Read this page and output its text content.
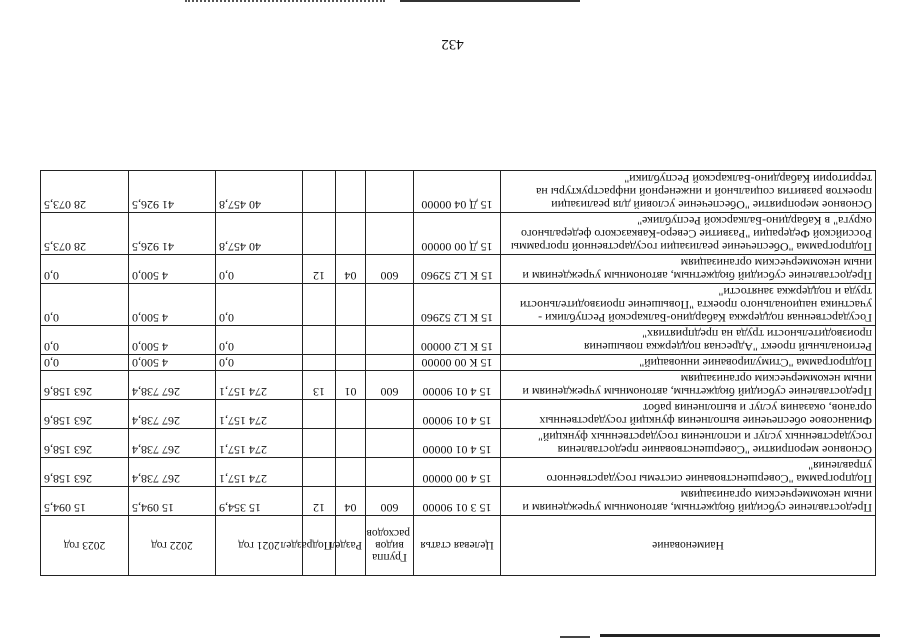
Наименование	Целевая статья	Группа видов расходов	Раздел	Подраздел	2021 год	2022 год	2023 год
Предоставление субсидий бюджетным, автономным учреждениям и иным некоммерческим организациям	15 3 01 90000	600	04	12	15 354,9	15 094,5	15 094,5
Подпрограмма "Совершенствование системы государственного управления"	15 4 00 00000				274 157,1	267 738,4	263 158,6
Основное мероприятие "Совершенствование предоставления государственных услуг и исполнения государственных функций"	15 4 01 00000				274 157,1	267 738,4	263 158,6
Финансовое обеспечение выполнения функций государственных органов, оказания услуг и выполнения работ	15 4 01 90000				274 157,1	267 738,4	263 158,6
Предоставление субсидий бюджетным, автономным учреждениям и иным некоммерческим организациям	15 4 01 90000	600	01	13	274 157,1	267 738,4	263 158,6
Подпрограмма "Стимулирование инноваций"	15 К 00 00000				0,0	4 500,0	0,0
Региональный проект "Адресная поддержка повышения производительности труда на предприятиях"	15 К L2 00000				0,0	4 500,0	0,0
Государственная поддержка Кабардино-Балкарской Республики - участника национального проекта "Повышение производительности труда и поддержка занятости"	15 К L2 52960				0,0	4 500,0	0,0
Предоставление субсидий бюджетным, автономным учреждениям и иным некоммерческим организациям	15 К L2 52960	600	04	12	0,0	4 500,0	0,0
Подпрограмма "Обеспечение реализации государственной программы Российской Федерации "Развитие Северо-Кавказского федерального округа" в Кабардино-Балкарской Республике"	15 Д 00 00000				40 457,8	41 926,5	28 073,5
Основное мероприятие "Обеспечение условий для реализации проектов развития социальной и инженерной инфраструктуры на территории Кабардино-Балкарской Республики"	15 Д 04 00000				40 457,8	41 926,5	28 073,5
432
